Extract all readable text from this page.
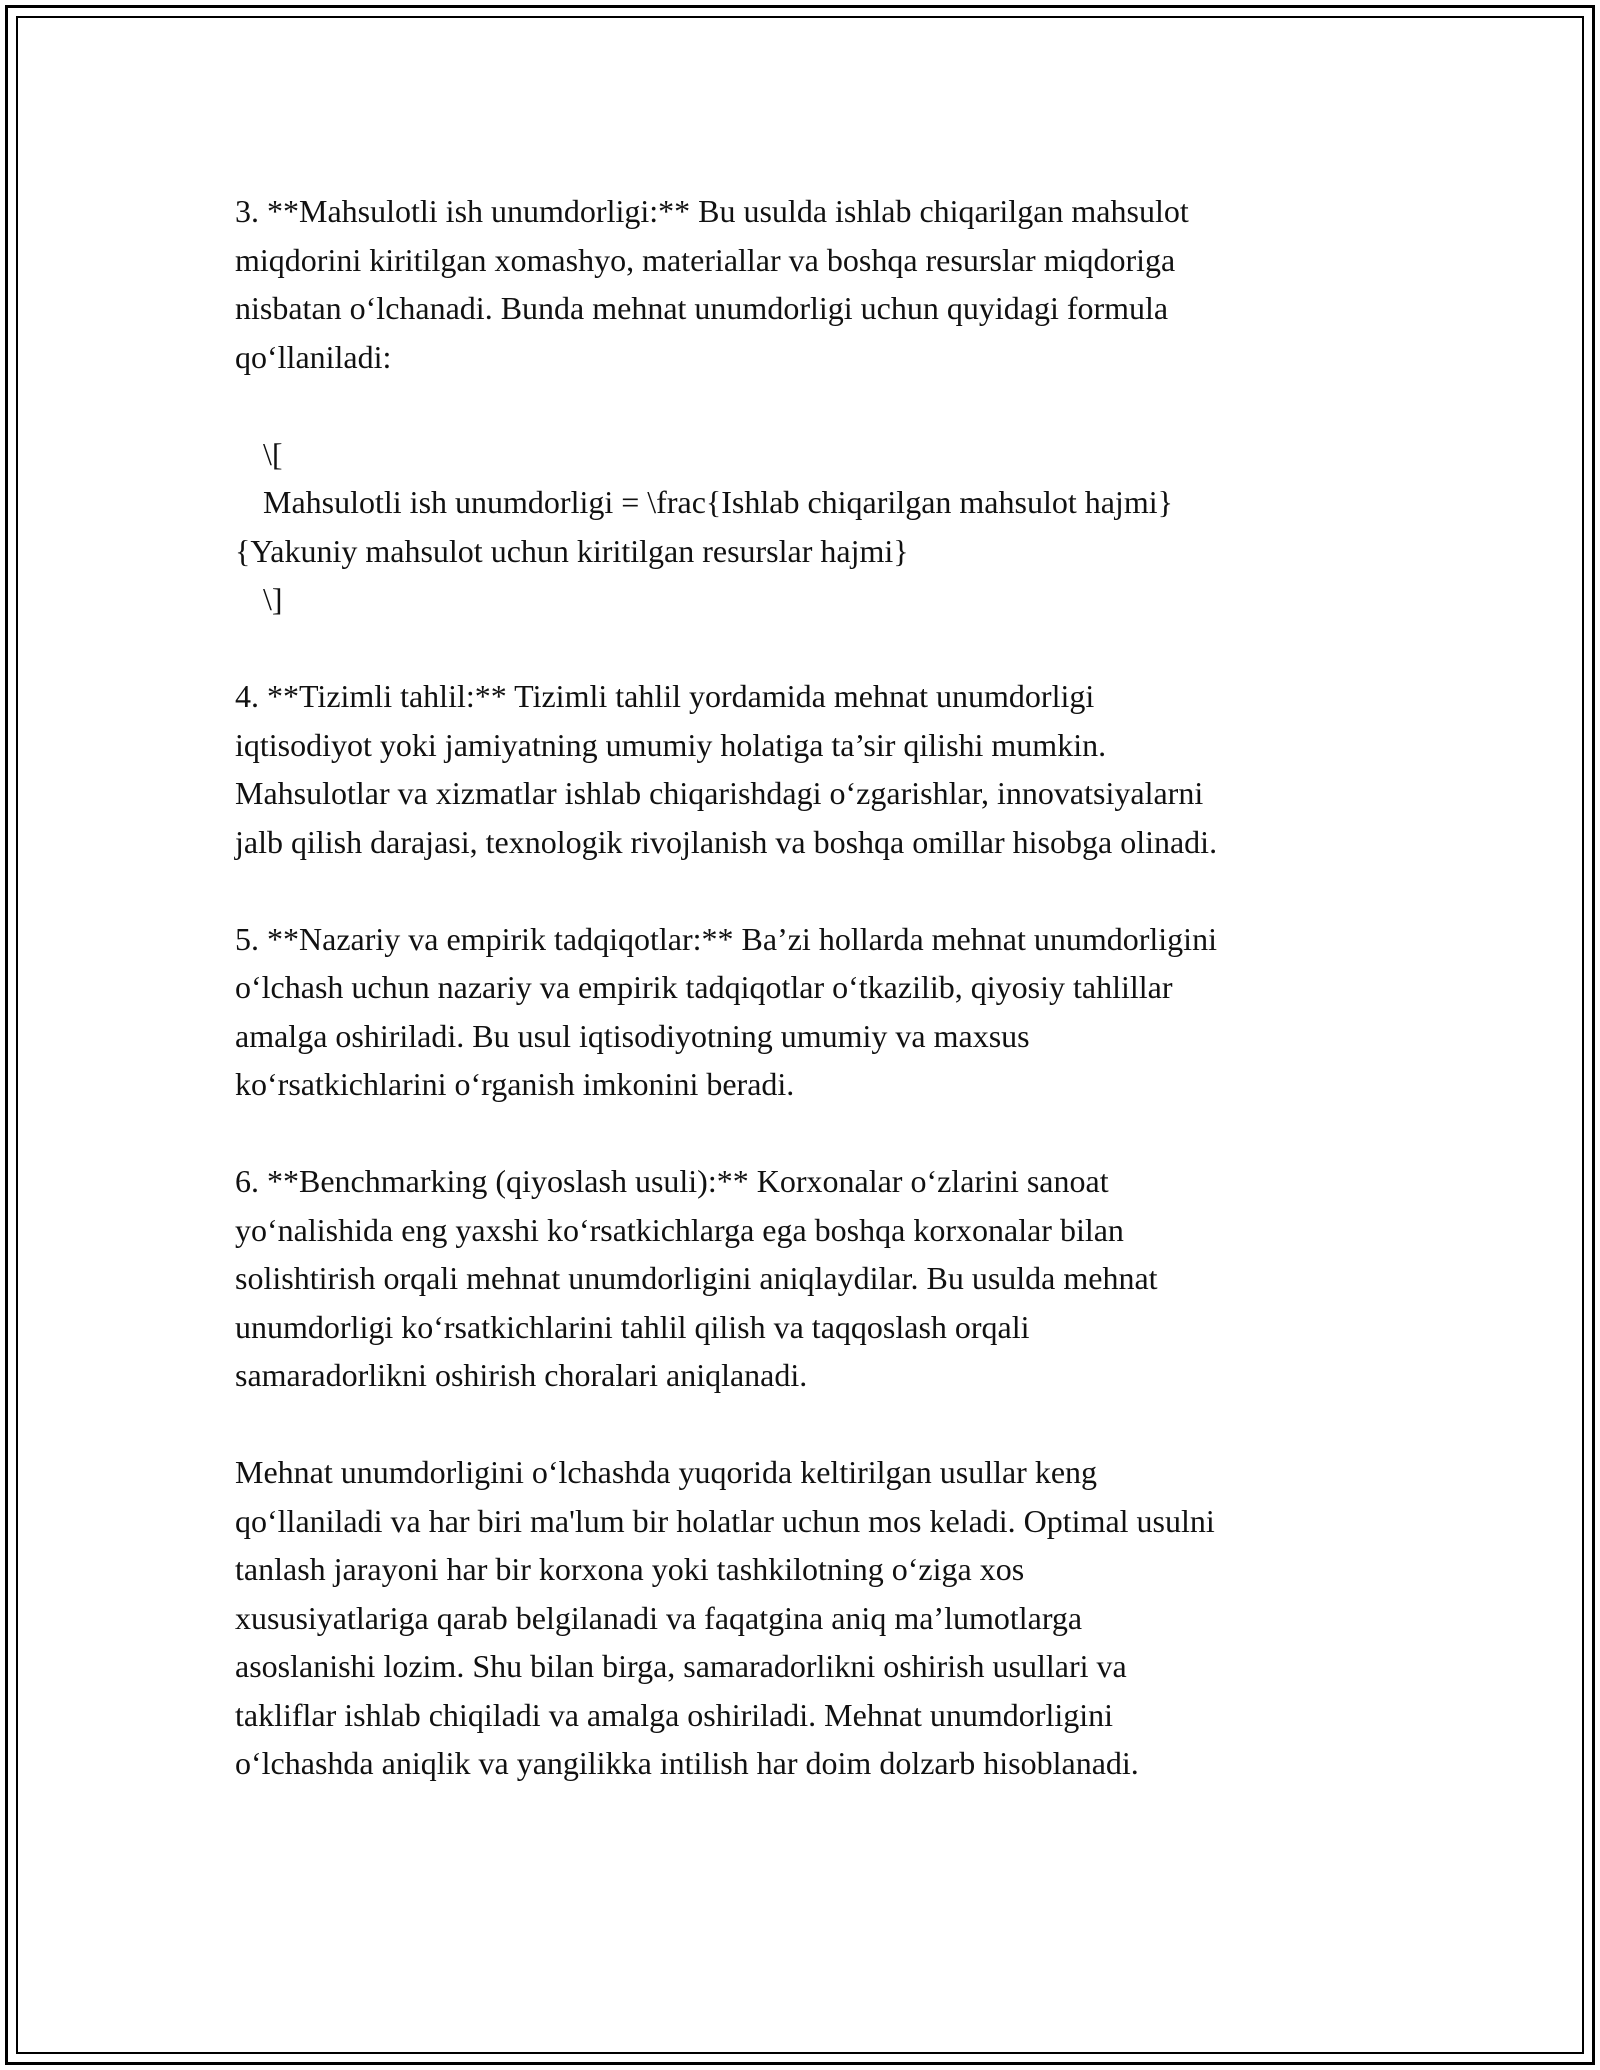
3. **Mahsulotli ish unumdorligi:** Bu usulda ishlab chiqarilgan mahsulot
miqdorini kiritilgan xomashyo, materiallar va boshqa resurslar miqdoriga
nisbatan o‘lchanadi. Bunda mehnat unumdorligi uchun quyidagi formula
qo‘llaniladi:

\[
Mahsulotli ish unumdorligi = \frac{Ishlab chiqarilgan mahsulot hajmi}
{Yakuniy mahsulot uchun kiritilgan resurslar hajmi}
\]

4. **Tizimli tahlil:** Tizimli tahlil yordamida mehnat unumdorligi
iqtisodiyot yoki jamiyatning umumiy holatiga ta’sir qilishi mumkin.
Mahsulotlar va xizmatlar ishlab chiqarishdagi o‘zgarishlar, innovatsiyalarni
jalb qilish darajasi, texnologik rivojlanish va boshqa omillar hisobga olinadi.

5. **Nazariy va empirik tadqiqotlar:** Ba’zi hollarda mehnat unumdorligini
o‘lchash uchun nazariy va empirik tadqiqotlar o‘tkazilib, qiyosiy tahlillar
amalga oshiriladi. Bu usul iqtisodiyotning umumiy va maxsus
ko‘rsatkichlarini o‘rganish imkonini beradi.

6. **Benchmarking (qiyoslash usuli):** Korxonalar o‘zlarini sanoat
yo‘nalishida eng yaxshi ko‘rsatkichlarga ega boshqa korxonalar bilan
solishtirish orqali mehnat unumdorligini aniqlaydilar. Bu usulda mehnat
unumdorligi ko‘rsatkichlarini tahlil qilish va taqqoslash orqali
samaradorlikni oshirish choralari aniqlanadi.

Mehnat unumdorligini o‘lchashda yuqorida keltirilgan usullar keng
qo‘llaniladi va har biri ma'lum bir holatlar uchun mos keladi. Optimal usulni
tanlash jarayoni har bir korxona yoki tashkilotning o‘ziga xos
xususiyatlariga qarab belgilanadi va faqatgina aniq ma’lumotlarga
asoslanishi lozim. Shu bilan birga, samaradorlikni oshirish usullari va
takliflar ishlab chiqiladi va amalga oshiriladi. Mehnat unumdorligini
o‘lchashda aniqlik va yangilikka intilish har doim dolzarb hisoblanadi.
